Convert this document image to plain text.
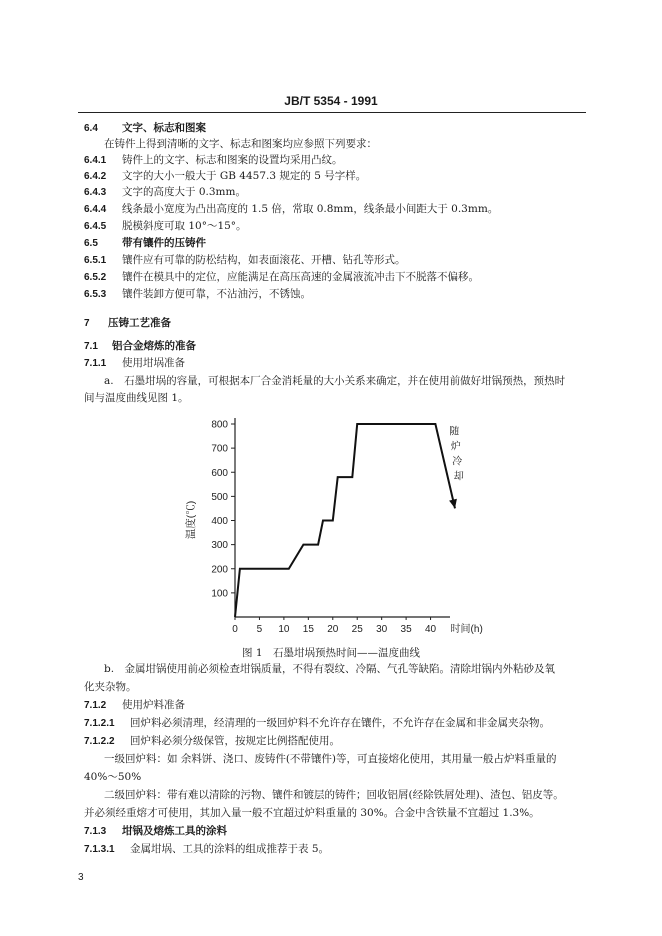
JB/T 5354 - 1991
6.4 文字、标志和图案
在铸件上得到清晰的文字、标志和图案均应参照下列要求：
6.4.1 铸件上的文字、标志和图案的设置均采用凸纹。
6.4.2 文字的大小一般大于 GB 4457.3 规定的 5 号字样。
6.4.3 文字的高度大于 0.3mm。
6.4.4 线条最小宽度为凸出高度的 1.5 倍，常取 0.8mm，线条最小间距大于 0.3mm。
6.4.5 脱模斜度可取 10°～15°。
6.5 带有镶件的压铸件
6.5.1 镶件应有可靠的防松结构，如表面滚花、开槽、钻孔等形式。
6.5.2 镶件在模具中的定位，应能满足在高压高速的金属液流冲击下不脱落不偏移。
6.5.3 镶件装卸方便可靠，不沾油污，不锈蚀。
7 压铸工艺准备
7.1 铝合金熔炼的准备
7.1.1 使用坩埚准备
a.　石墨坩埚的容量，可根据本厂合金消耗量的大小关系来确定，并在使用前做好坩锅预热，预热时
间与温度曲线见图 1。
100
200
300
400
500
600
700
800
0 5 10 15 20 25 30 35 40 时间(h)
温度(℃)
随
炉
冷
却
图 1　石墨坩埚预热时间——温度曲线
b.　金属坩锅使用前必须检查坩锅质量，不得有裂纹、冷隔、气孔等缺陷。清除坩锅内外粘砂及氧
化夹杂物。
7.1.2 使用炉料准备
7.1.2.1 回炉料必须清理，经清理的一级回炉料不允许存在镶件，不允许存在金属和非金属夹杂物。
7.1.2.2 回炉料必须分级保管，按规定比例搭配使用。
一级回炉料：如 余料饼、浇口、废铸件(不带镶件)等，可直接熔化使用，其用量一般占炉料重量的
40%～50%
二级回炉料：带有难以清除的污物、镶件和镀层的铸件；回收铝屑(经除铁屑处理)、渣包、铝皮等。
并必须经重熔才可使用，其加入量一般不宜超过炉料重量的 30%。合金中含铁量不宜超过 1.3%。
7.1.3 坩锅及熔炼工具的涂料
7.1.3.1 金属坩埚、工具的涂料的组成推荐于表 5。
3
